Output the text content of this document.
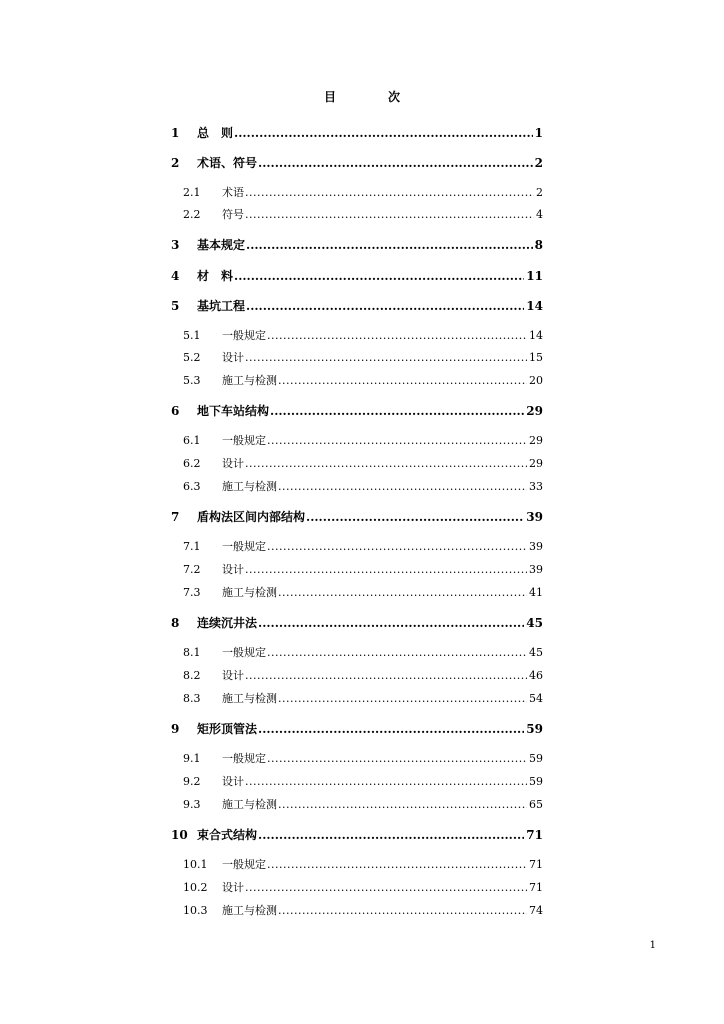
目　次
1 总　则 .....	1
2 术语、符号 .....	2
2.1 术语 .....	2
2.2 符号 .....	4
3 基本规定 .....	8
4 材　料 .....	11
5 基坑工程 .....	14
5.1 一般规定 .....	14
5.2 设计 .....	15
5.3 施工与检测 .....	20
6 地下车站结构 .....	29
6.1 一般规定 .....	29
6.2 设计 .....	29
6.3 施工与检测 .....	33
7 盾构法区间内部结构 .....	39
7.1 一般规定 .....	39
7.2 设计 .....	39
7.3 施工与检测 .....	41
8 连续沉井法 .....	45
8.1 一般规定 .....	45
8.2 设计 .....	46
8.3 施工与检测 .....	54
9 矩形顶管法 .....	59
9.1 一般规定 .....	59
9.2 设计 .....	59
9.3 施工与检测 .....	65
10 束合式结构 .....	71
10.1 一般规定 .....	71
10.2 设计 .....	71
10.3 施工与检测 .....	74
1
